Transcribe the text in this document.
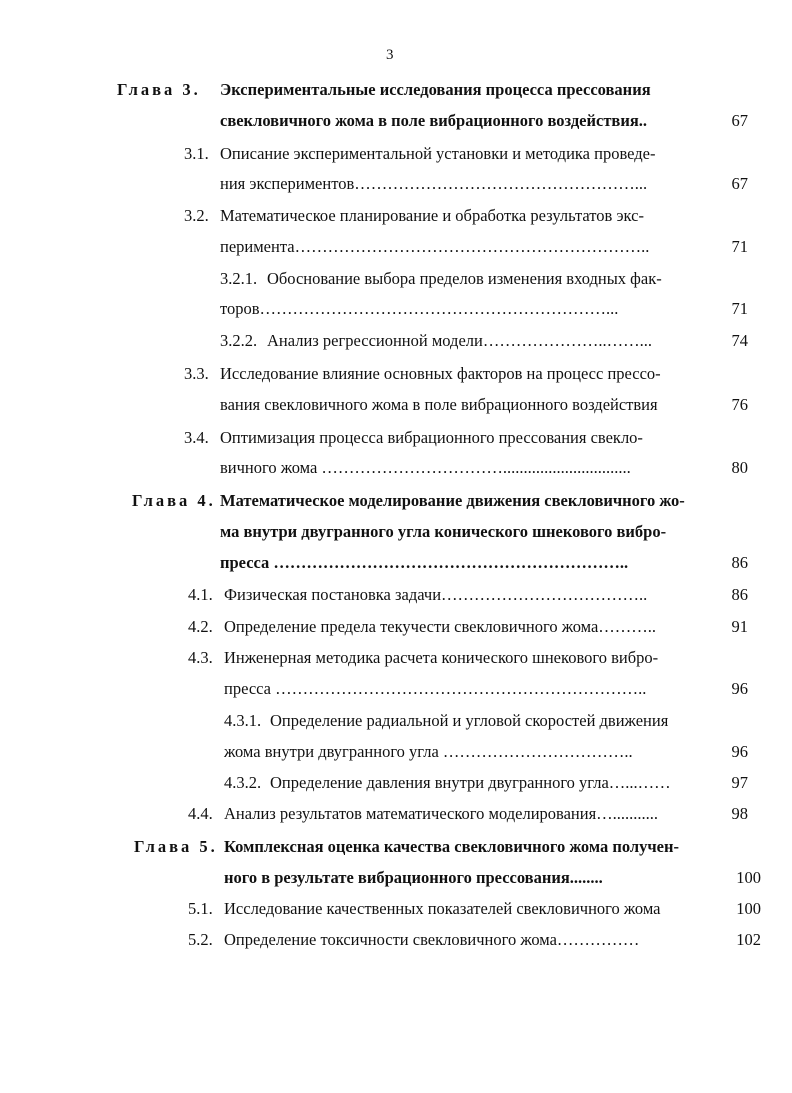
3
Глава 3. Экспериментальные исследования процесса прессования
свекловичного жома в поле вибрационного воздействия..	67
3.1. Описание экспериментальной установки и методика проведе-
ния экспериментов……………………………………………...	67
3.2. Математическое планирование и обработка результатов экс-
перимента………………………………………………………..	71
3.2.1. Обоснование выбора пределов изменения входных фак-
торов………………………………………………………...	71
3.2.2. Анализ регрессионной модели…………………..……...	74
3.3. Исследование влияние основных факторов на процесс прессо-
вания свекловичного жома в поле вибрационного воздействия	76
3.4. Оптимизация процесса вибрационного прессования свекло-
вичного жома ……………………………...............................	80
Глава 4. Математическое моделирование движения свекловичного жо-
ма внутри двугранного угла конического шнекового вибро-
пресса ………………………………………………………..	86
4.1. Физическая постановка задачи………………………………..	86
4.2. Определение предела текучести свекловичного жома………..	91
4.3. Инженерная методика расчета конического шнекового вибро-
пресса …………………………………………………………..	96
4.3.1. Определение радиальной и угловой скоростей движения
жома внутри двугранного угла ……………………………..	96
4.3.2. Определение давления внутри двугранного угла…...……	97
4.4. Анализ результатов математического моделирования…...........	98
Глава 5. Комплексная оценка качества свекловичного жома получен-
ного в результате вибрационного прессования........	100
5.1. Исследование качественных показателей свекловичного жома	100
5.2. Определение токсичности свекловичного жома……………	102
